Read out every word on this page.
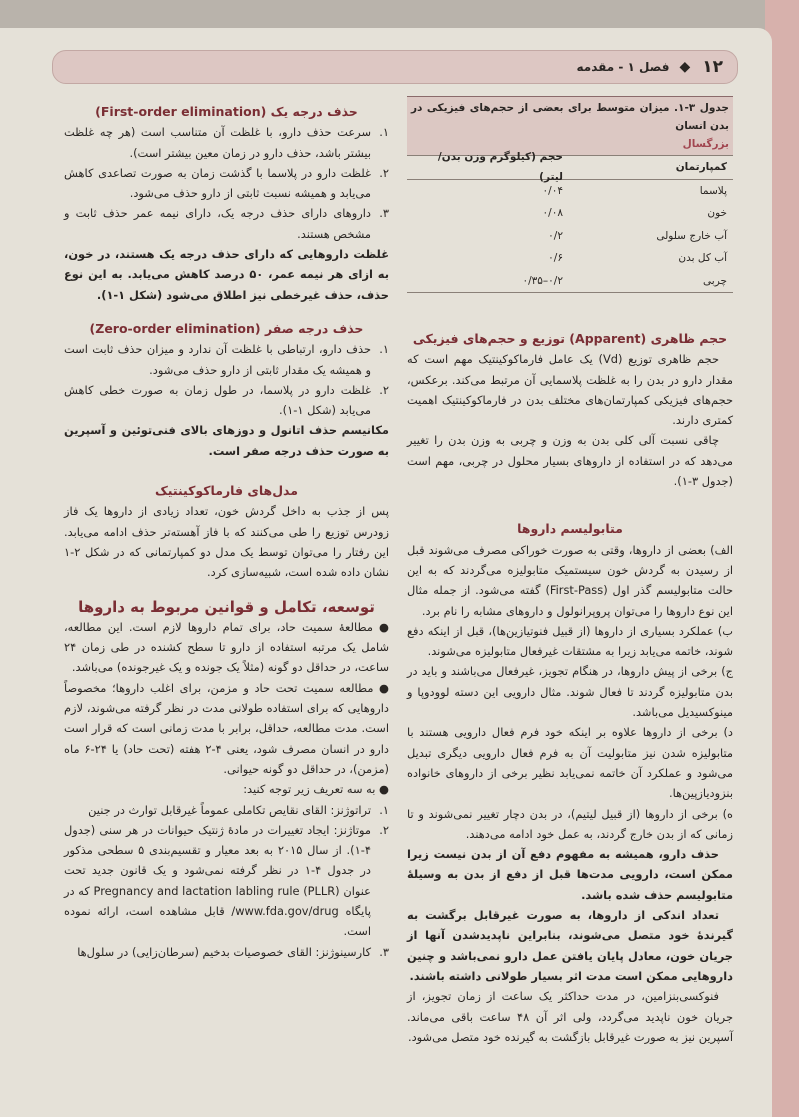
۱۲
◆
فصل ۱ - مقدمه
جدول ۳-۱. میزان متوسط برای بعضی از حجم‌های فیزیکی در بدن انسان
بزرگسال
کمپارتمان
حجم (کیلوگرم وزن بدن/ لیتر)
پلاسما
۰/۰۴
خون
۰/۰۸
آب خارج سلولی
۰/۲
آب کل بدن
۰/۶
چربی
۰/۲–۰/۳۵
حجم ظاهری (Apparent) توزیع و حجم‌های فیزیکی

حجم ظاهری توزیع (Vd) یک عامل فارماکوکینتیک مهم است که مقدار دارو در بدن را به غلظت پلاسمایی آن مرتبط می‌کند. برعکس، حجم‌های فیزیکی کمپارتمان‌های مختلف بدن در فارماکوکینتیک اهمیت کمتری دارند.

چاقی نسبت آلی کلی بدن به وزن و چربی به وزن بدن را تغییر می‌دهد که در استفاده از داروهای بسیار محلول در چربی، مهم است (جدول ۳-۱).

متابولیسم داروها

الف) بعضی از داروها، وقتی به صورت خوراکی مصرف می‌شوند قبل از رسیدن به گردش خون سیستمیک متابولیزه می‌گردند که به این حالت متابولیسم گذر اول (First-Pass) گفته می‌شود. از جمله مثال این نوع داروها را می‌توان پروپرانولول و داروهای مشابه را نام برد.

ب) عملکرد بسیاری از داروها (از قبیل فنوتیازین‌ها)، قبل از اینکه دفع شوند، خاتمه می‌یابد زیرا به مشتقات غیرفعال متابولیزه می‌شوند.

ج) برخی از پیش داروها، در هنگام تجویز، غیرفعال می‌باشند و باید در بدن متابولیزه گردند تا فعال شوند. مثال دارویی این دسته لوودوپا و مینوکسیدیل می‌باشد.

د) برخی از داروها علاوه بر اینکه خود فرم فعال دارویی هستند با متابولیزه شدن نیز متابولیت آن به فرم فعال دارویی دیگری تبدیل می‌شود و عملکرد آن خاتمه نمی‌یابد نظیر برخی از داروهای خانواده بنزودیازپین‌ها.

ه) برخی از داروها (از قبیل لیتیم)، در بدن دچار تغییر نمی‌شوند و تا زمانی که از بدن خارج گردند، به عمل خود ادامه می‌دهند.

حذف دارو، همیشه به مفهوم دفع آن از بدن نیست زیرا ممکن است، دارویی مدت‌ها قبل از دفع از بدن به وسیلهٔ متابولیسم حذف شده باشد.

تعداد اندکی از داروها، به صورت غیرقابل برگشت به گیرندهٔ خود متصل می‌شوند، بنابراین ناپدیدشدن آنها از جریان خون، معادل پایان یافتن عمل دارو نمی‌باشد و چنین داروهایی ممکن است مدت اثر بسیار طولانی داشته باشند.

فنوکسی‌بنزامین، در مدت حداکثر یک ساعت از زمان تجویز، از جریان خون ناپدید می‌گردد، ولی اثر آن ۴۸ ساعت باقی می‌ماند. آسپرین نیز به صورت غیرقابل بازگشت به گیرنده خود متصل می‌شود.

حذف درجه یک (First-order elimination)
۱.
سرعت حذف دارو، با غلظت آن متناسب است (هر چه غلظت بیشتر باشد، حذف دارو در زمان معین بیشتر است).
۲.
غلظت دارو در پلاسما با گذشت زمان به صورت تصاعدی کاهش می‌یابد و همیشه نسبت ثابتی از دارو حذف می‌شود.
۳.
داروهای دارای حذف درجه یک، دارای نیمه عمر حذف ثابت و مشخص هستند.

غلظت داروهایی که دارای حذف درجه یک هستند، در خون، به ازای هر نیمه عمر، ۵۰ درصد کاهش می‌یابد. به این نوع حذف، حذف غیرخطی نیز اطلاق می‌شود (شکل ۱-۱).

حذف درجه صفر (Zero-order elimination)
۱.
حذف دارو، ارتباطی با غلظت آن ندارد و میزان حذف ثابت است و همیشه یک مقدار ثابتی از دارو حذف می‌شود.
۲.
غلظت دارو در پلاسما، در طول زمان به صورت خطی کاهش می‌یابد (شکل ۱-۱).

مکانیسم حذف اتانول و دوزهای بالای فنی‌توئین و آسپرین به صورت حذف درجه صفر است.

مدل‌های فارماکوکینتیک

پس از جذب به داخل گردش خون، تعداد زیادی از داروها یک فاز زودرس توزیع را طی می‌کنند که با فاز آهسته‌تر حذف ادامه می‌یابد. این رفتار را می‌توان توسط یک مدل دو کمپارتمانی که در شکل ۲-۱ نشان داده شده است، شبیه‌سازی کرد.

توسعه، تکامل و قوانین مربوط به داروها

● مطالعهٔ سمیت حاد، برای تمام داروها لازم است. این مطالعه، شامل یک مرتبه استفاده از دارو تا سطح کشنده در طی زمان ۲۴ ساعت، در حداقل دو گونه (مثلاً یک جونده و یک غیرجونده) می‌باشد.

● مطالعه سمیت تحت حاد و مزمن، برای اغلب داروها؛ مخصوصاً داروهایی که برای استفاده طولانی مدت در نظر گرفته می‌شوند، لازم است. مدت مطالعه، حداقل، برابر با مدت زمانی است که قرار است دارو در انسان مصرف شود، یعنی ۴-۲ هفته (تحت حاد) یا ۲۴-۶ ماه (مزمن)، در حداقل دو گونه حیوانی.

● به سه تعریف زیر توجه کنید:

۱.
تراتوژنز: القای نقایص تکاملی عموماً غیرقابل توارث در جنین
۲.
موتاژنز: ایجاد تغییرات در مادهٔ ژنتیک حیوانات در هر سنی (جدول ۴-۱). از سال ۲۰۱۵ به بعد معیار و تقسیم‌بندی ۵ سطحی مذکور در جدول ۴-۱ در نظر گرفته نمی‌شود و یک قانون جدید تحت عنوان Pregnancy and lactation labling rule (PLLR) که در پایگاه www.fda.gov/drug/ قابل مشاهده است، ارائه نموده است.
۳.
کارسینوژنز: القای خصوصیات بدخیم (سرطان‌زایی) در سلول‌ها
